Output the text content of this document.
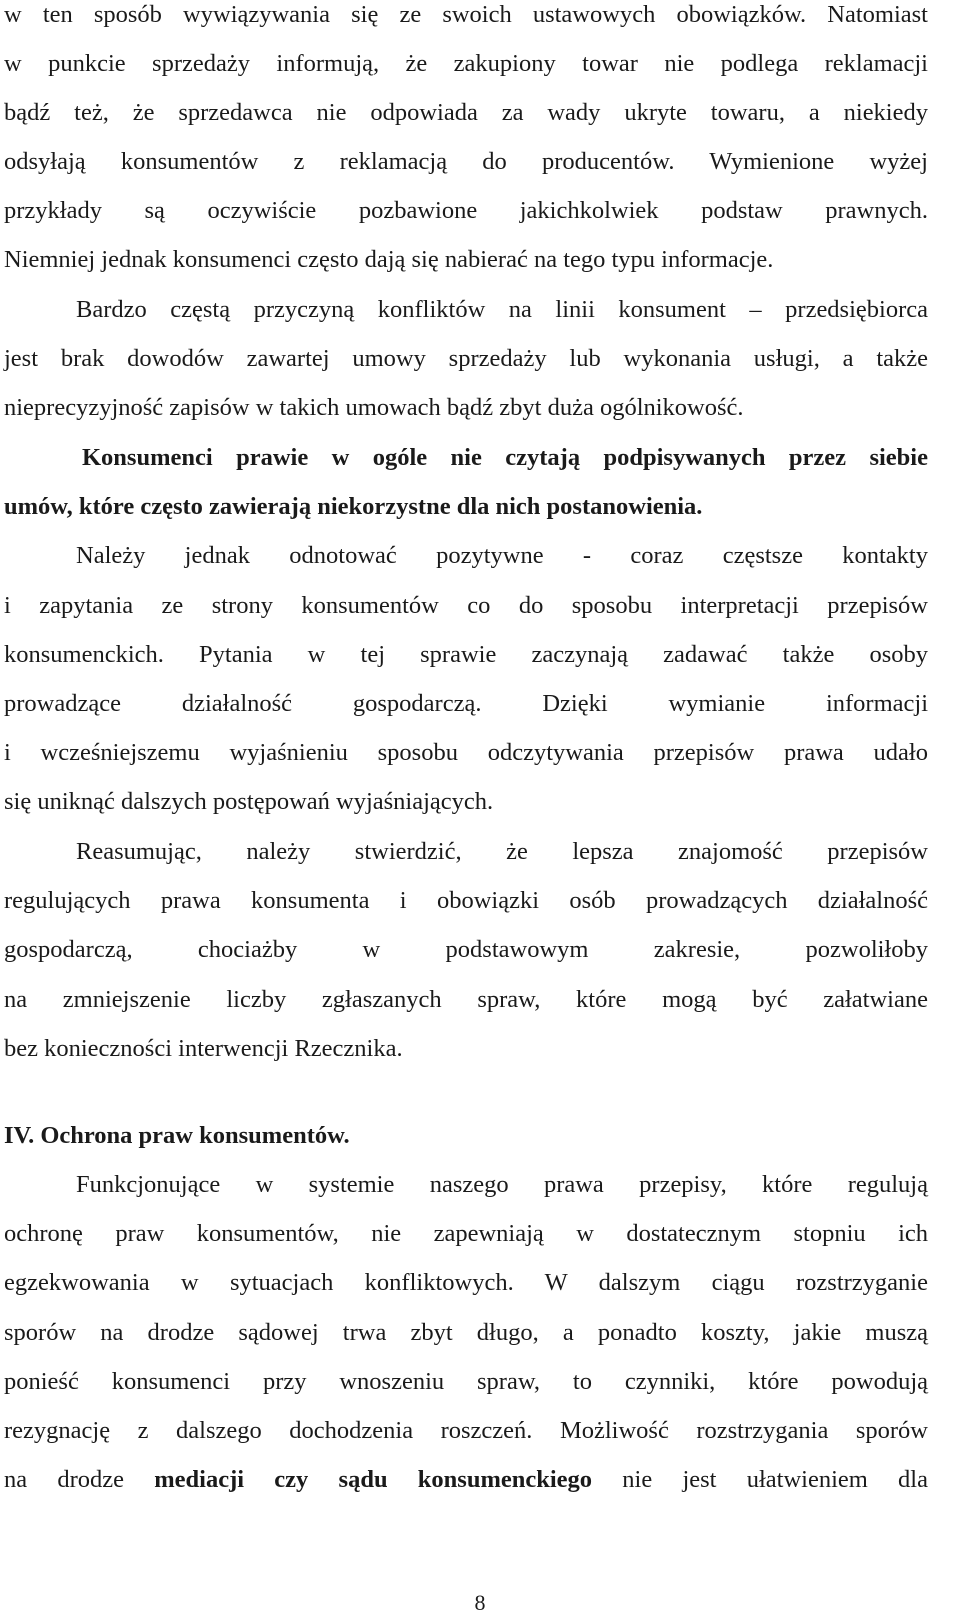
w ten sposób wywiązywania się ze swoich ustawowych obowiązków. Natomiast
w punkcie sprzedaży informują, że zakupiony towar nie podlega reklamacji
bądź też, że sprzedawca nie odpowiada za wady ukryte towaru, a niekiedy
odsyłają konsumentów z reklamacją do producentów. Wymienione wyżej
przykłady są oczywiście pozbawione jakichkolwiek podstaw prawnych.
Niemniej jednak konsumenci często dają się nabierać na tego typu informacje.
Bardzo częstą przyczyną konfliktów na linii konsument – przedsiębiorca
jest brak dowodów zawartej umowy sprzedaży lub wykonania usługi, a także
nieprecyzyjność zapisów w takich umowach bądź zbyt duża ogólnikowość.
Konsumenci prawie w ogóle nie czytają podpisywanych przez siebie
umów, które często zawierają niekorzystne dla nich postanowienia.
Należy jednak odnotować pozytywne - coraz częstsze kontakty
i zapytania ze strony konsumentów co do sposobu interpretacji przepisów
konsumenckich. Pytania w tej sprawie zaczynają zadawać także osoby
prowadzące działalność gospodarczą. Dzięki wymianie informacji
i wcześniejszemu wyjaśnieniu sposobu odczytywania przepisów prawa udało
się uniknąć dalszych postępowań wyjaśniających.
Reasumując, należy stwierdzić, że lepsza znajomość przepisów
regulujących prawa konsumenta i obowiązki osób prowadzących działalność
gospodarczą, chociażby w podstawowym zakresie, pozwoliłoby
na zmniejszenie liczby zgłaszanych spraw, które mogą być załatwiane
bez konieczności interwencji Rzecznika.
IV. Ochrona praw konsumentów.
Funkcjonujące w systemie naszego prawa przepisy, które regulują
ochronę praw konsumentów, nie zapewniają w dostatecznym stopniu ich
egzekwowania w sytuacjach konfliktowych. W dalszym ciągu rozstrzyganie
sporów na drodze sądowej trwa zbyt długo, a ponadto koszty, jakie muszą
ponieść konsumenci przy wnoszeniu spraw, to czynniki, które powodują
rezygnację z dalszego dochodzenia roszczeń. Możliwość rozstrzygania sporów
na drodze mediacji czy sądu konsumenckiego nie jest ułatwieniem dla
8
